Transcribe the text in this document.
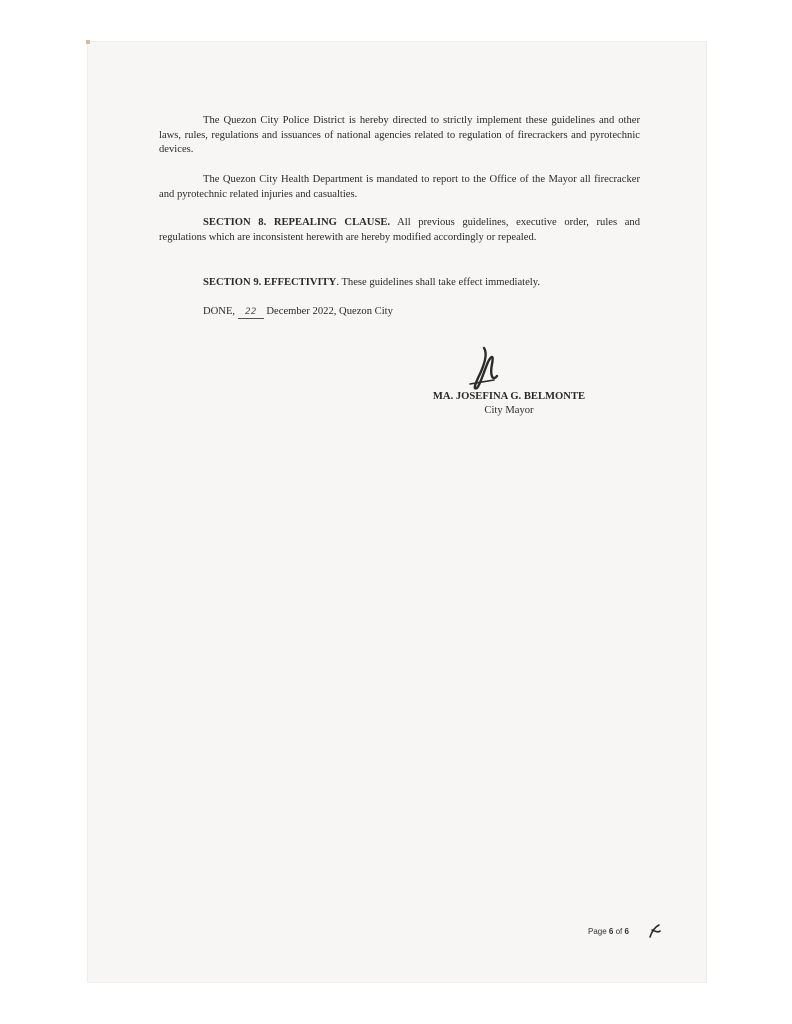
The Quezon City Police District is hereby directed to strictly implement these guidelines and other laws, rules, regulations and issuances of national agencies related to regulation of firecrackers and pyrotechnic devices.

The Quezon City Health Department is mandated to report to the Office of the Mayor all firecracker and pyrotechnic related injuries and casualties.

SECTION 8. REPEALING CLAUSE. All previous guidelines, executive order, rules and regulations which are inconsistent herewith are hereby modified accordingly or repealed.

SECTION 9. EFFECTIVITY. These guidelines shall take effect immediately.

DONE, 22 December 2022, Quezon City

MA. JOSEFINA G. BELMONTE

City Mayor

Page 6 of 6
